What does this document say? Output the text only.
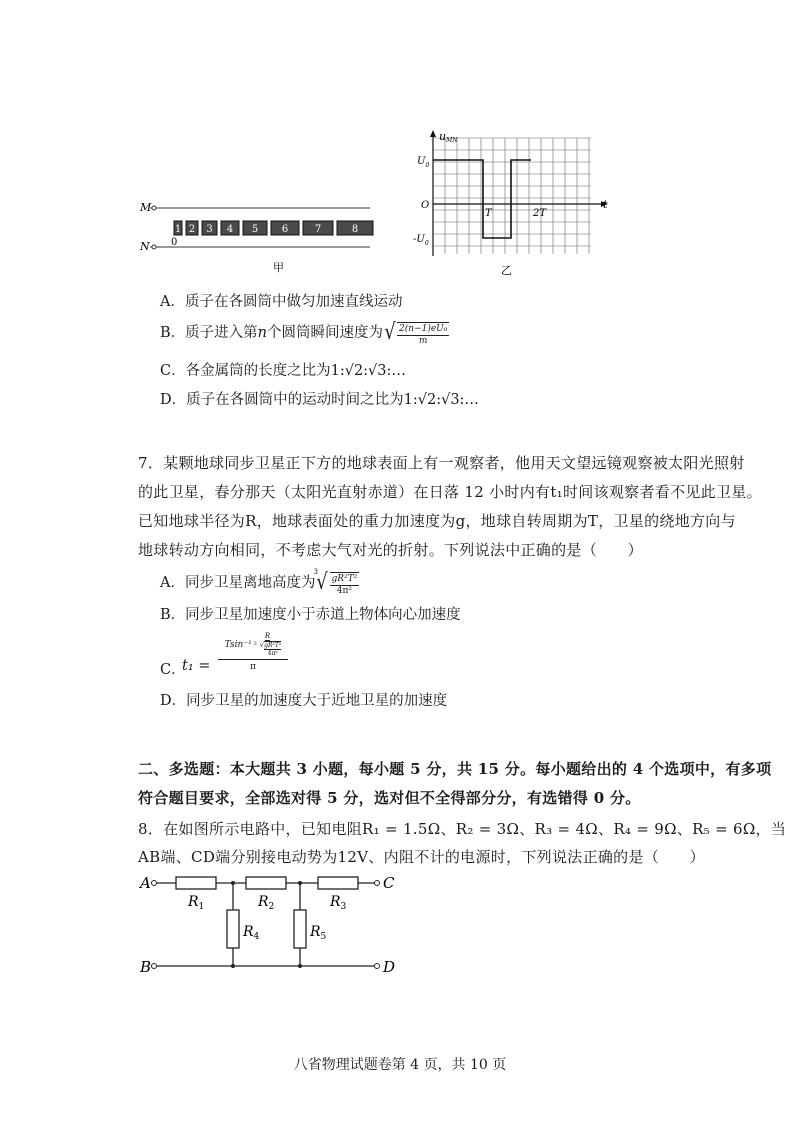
M
N
1 2 3 4 5 6	7	8
0
甲
uMN
$U_0$
$-U_0$
O
T	2T
t
乙
A．质子在各圆筒中做匀加速直线运动
B．质子进入第n个圆筒瞬间速度为 √ $\frac{\text{2(n−1)eU₀}}{m}$
C．各金属筒的长度之比为1:√2:√3:…
D．质子在各圆筒中的运动时间之比为1:√2:√3:…
7．某颗地球同步卫星正下方的地球表面上有一观察者，他用天文望远镜观察被太阳光照射
的此卫星，春分那天（太阳光直射赤道）在日落 12 小时内有t₁时间该观察者看不见此卫星。
已知地球半径为R，地球表面处的重力加速度为g，地球自转周期为T，卫星的绕地方向与
地球转动方向相同，不考虑大气对光的折射。下列说法中正确的是（　　）
A．同步卫星离地高度为
3
√ $\frac{\text{gR²T²}}{\text{4π²}}$
B．同步卫星加速度小于赤道上物体向心加速度
C．
t₁ =
Tsin⁻¹
R
3 √ $\frac{\text{gR²T²}}{\text{4π²}}$
π
D．同步卫星的加速度大于近地卫星的加速度
二、多选题：本大题共 3 小题，每小题 5 分，共 15 分。每小题给出的 4 个选项中，有多项
符合题目要求，全部选对得 5 分，选对但不全得部分分，有选错得 0 分。
8．在如图所示电路中，已知电阻R₁ = 1.5Ω、R₂ = 3Ω、R₃ = 4Ω、R₄ = 9Ω、R₅ = 6Ω，当
AB端、CD端分别接电动势为12V、内阻不计的电源时，下列说法正确的是（　　）
A
B
C
D
$R_1$	$R_2$	$R_3$
$R_4$	$R_5$
八省物理试题卷第 4 页，共 10 页
